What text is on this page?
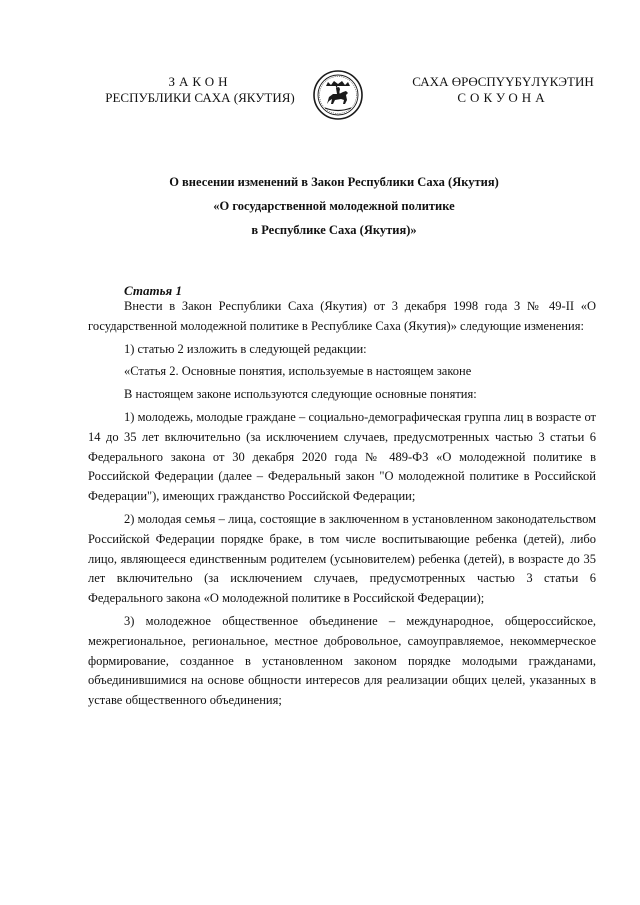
ЗАКОН
РЕСПУБЛИКИ САХА (ЯКУТИЯ)
САХА ӨРӨСПҮҮБҮЛҮКЭТИН
СОКУОНА
О внесении изменений в Закон Республики Саха (Якутия)
«О государственной молодежной политике
в Республике Саха (Якутия)»
Статья 1

Внести в Закон Республики Саха (Якутия) от 3 декабря 1998 года З № 49-II «О государственной молодежной политике в Республике Саха (Якутия)» следующие изменения:

1) статью 2 изложить в следующей редакции:

«Статья 2. Основные понятия, используемые в настоящем законе

В настоящем законе используются следующие основные понятия:

1) молодежь, молодые граждане – социально-демографическая группа лиц в возрасте от 14 до 35 лет включительно (за исключением случаев, предусмотренных частью 3 статьи 6 Федерального закона от 30 декабря 2020 года № 489-ФЗ «О молодежной политике в Российской Федерации (далее – Федеральный закон "О молодежной политике в Российской Федерации"), имеющих гражданство Российской Федерации;

2) молодая семья – лица, состоящие в заключенном в установленном законодательством Российской Федерации порядке браке, в том числе воспитывающие ребенка (детей), либо лицо, являющееся единственным родителем (усыновителем) ребенка (детей), в возрасте до 35 лет включительно (за исключением случаев, предусмотренных частью 3 статьи 6 Федерального закона «О молодежной политике в Российской Федерации);

3) молодежное общественное объединение – международное, общероссийское, межрегиональное, региональное, местное добровольное, самоуправляемое, некоммерческое формирование, созданное в установленном законом порядке молодыми гражданами, объединившимися на основе общности интересов для реализации общих целей, указанных в уставе общественного объединения;
